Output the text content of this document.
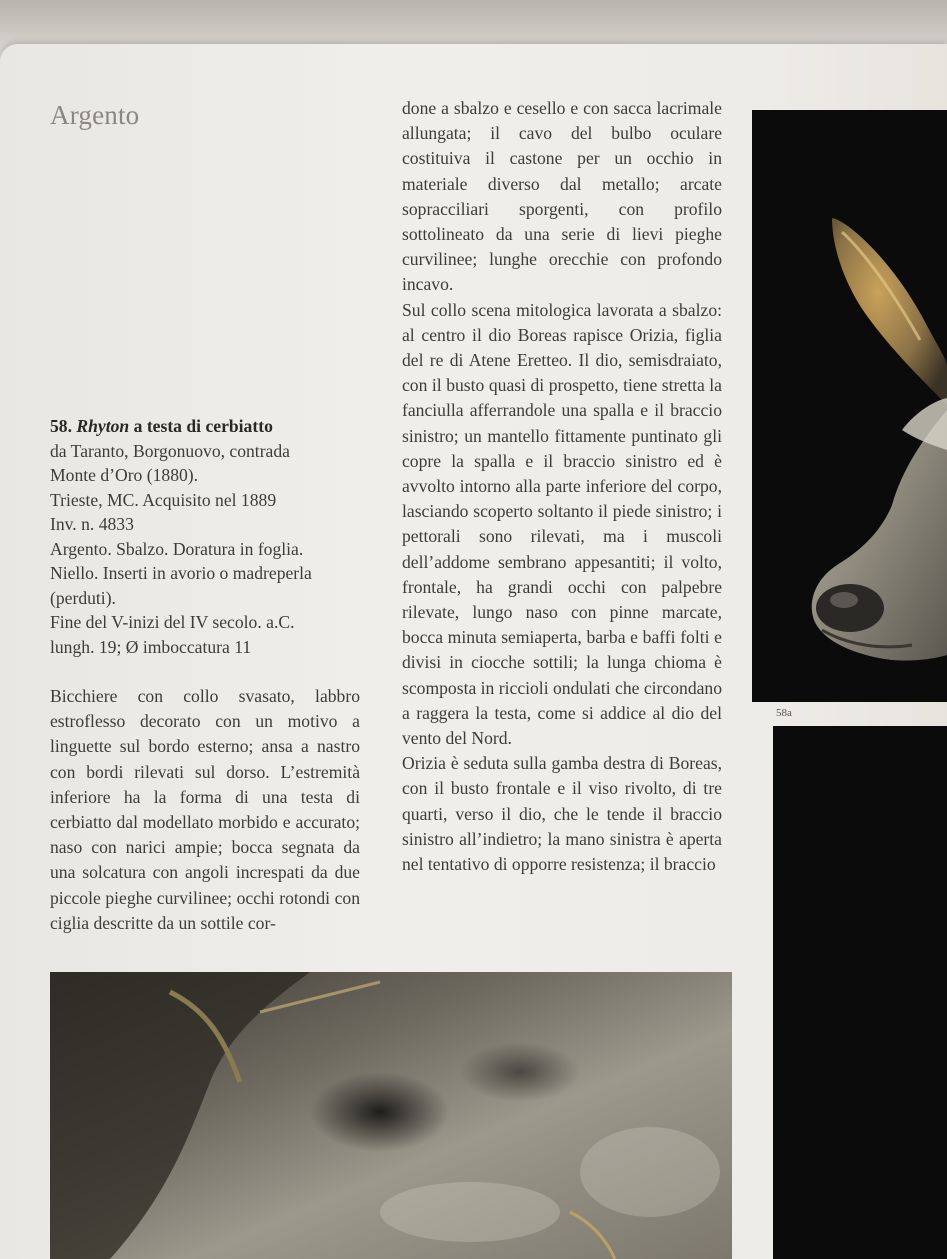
Argento
58. Rhyton a testa di cerbiatto
da Taranto, Borgonuovo, contrada
Monte d’Oro (1880).
Trieste, MC. Acquisito nel 1889
Inv. n. 4833
Argento. Sbalzo. Doratura in foglia.
Niello. Inserti in avorio o madreperla
(perduti).
Fine del V-inizi del IV secolo. a.C.
lungh. 19; Ø imboccatura 11

Bicchiere con collo svasato, labbro estroflesso decorato con un motivo a linguette sul bordo esterno; ansa a nastro con bordi rilevati sul dorso. L’estremità inferiore ha la forma di una testa di cerbiatto dal modellato morbido e accurato; naso con narici ampie; bocca segnata da una solcatura con angoli increspati da due piccole pieghe curvilinee; occhi rotondi con ciglia descritte da un sottile cor-

done a sbalzo e cesello e con sacca lacrimale allungata; il cavo del bulbo oculare costituiva il castone per un occhio in materiale diverso dal metallo; arcate sopracciliari sporgenti, con profilo sottolineato da una serie di lievi pieghe curvilinee; lunghe orecchie con profondo incavo.

Sul collo scena mitologica lavorata a sbalzo: al centro il dio Boreas rapisce Orizia, figlia del re di Atene Eretteo. Il dio, semisdraiato, con il busto quasi di prospetto, tiene stretta la fanciulla afferrandole una spalla e il braccio sinistro; un mantello fittamente puntinato gli copre la spalla e il braccio sinistro ed è avvolto intorno alla parte inferiore del corpo, lasciando scoperto soltanto il piede sinistro; i pettorali sono rilevati, ma i muscoli dell’addome sembrano appesantiti; il volto, frontale, ha grandi occhi con palpebre rilevate, lungo naso con pinne marcate, bocca minuta semiaperta, barba e baffi folti e divisi in ciocche sottili; la lunga chioma è scomposta in riccioli ondulati che circondano a raggera la testa, come si addice al dio del vento del Nord.

Orizia è seduta sulla gamba destra di Boreas, con il busto frontale e il viso rivolto, di tre quarti, verso il dio, che le tende il braccio sinistro all’indietro; la mano sinistra è aperta nel tentativo di opporre resistenza; il braccio

58a
